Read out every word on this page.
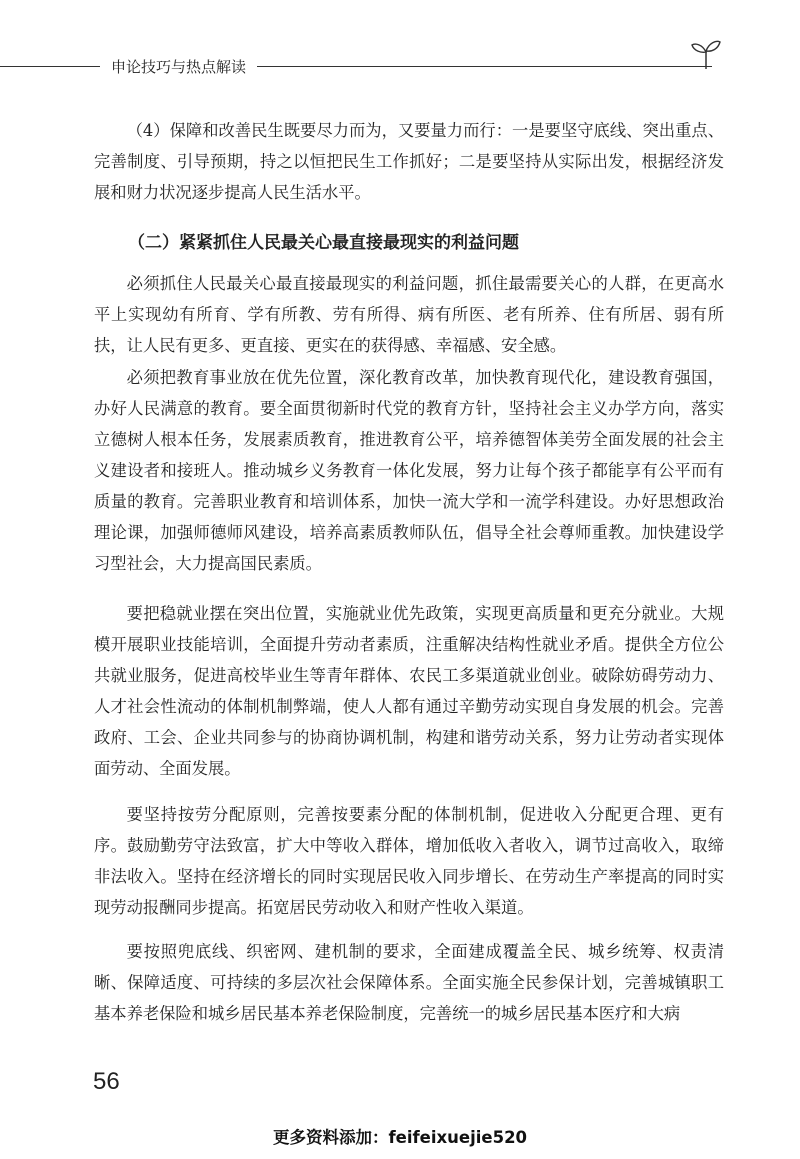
申论技巧与热点解读

（4）保障和改善民生既要尽力而为，又要量力而行：一是要坚守底线、突出重点、完善制度、引导预期，持之以恒把民生工作抓好；二是要坚持从实际出发，根据经济发展和财力状况逐步提高人民生活水平。

（二）紧紧抓住人民最关心最直接最现实的利益问题

必须抓住人民最关心最直接最现实的利益问题，抓住最需要关心的人群，在更高水平上实现幼有所育、学有所教、劳有所得、病有所医、老有所养、住有所居、弱有所扶，让人民有更多、更直接、更实在的获得感、幸福感、安全感。

必须把教育事业放在优先位置，深化教育改革，加快教育现代化，建设教育强国，办好人民满意的教育。要全面贯彻新时代党的教育方针，坚持社会主义办学方向，落实立德树人根本任务，发展素质教育，推进教育公平，培养德智体美劳全面发展的社会主义建设者和接班人。推动城乡义务教育一体化发展，努力让每个孩子都能享有公平而有质量的教育。完善职业教育和培训体系，加快一流大学和一流学科建设。办好思想政治理论课，加强师德师风建设，培养高素质教师队伍，倡导全社会尊师重教。加快建设学习型社会，大力提高国民素质。

要把稳就业摆在突出位置，实施就业优先政策，实现更高质量和更充分就业。大规模开展职业技能培训，全面提升劳动者素质，注重解决结构性就业矛盾。提供全方位公共就业服务，促进高校毕业生等青年群体、农民工多渠道就业创业。破除妨碍劳动力、人才社会性流动的体制机制弊端，使人人都有通过辛勤劳动实现自身发展的机会。完善政府、工会、企业共同参与的协商协调机制，构建和谐劳动关系，努力让劳动者实现体面劳动、全面发展。

要坚持按劳分配原则，完善按要素分配的体制机制，促进收入分配更合理、更有序。鼓励勤劳守法致富，扩大中等收入群体，增加低收入者收入，调节过高收入，取缔非法收入。坚持在经济增长的同时实现居民收入同步增长、在劳动生产率提高的同时实现劳动报酬同步提高。拓宽居民劳动收入和财产性收入渠道。

要按照兜底线、织密网、建机制的要求，全面建成覆盖全民、城乡统筹、权责清晰、保障适度、可持续的多层次社会保障体系。全面实施全民参保计划，完善城镇职工基本养老保险和城乡居民基本养老保险制度，完善统一的城乡居民基本医疗和大病

56
更多资料添加：feifeixuejie520
